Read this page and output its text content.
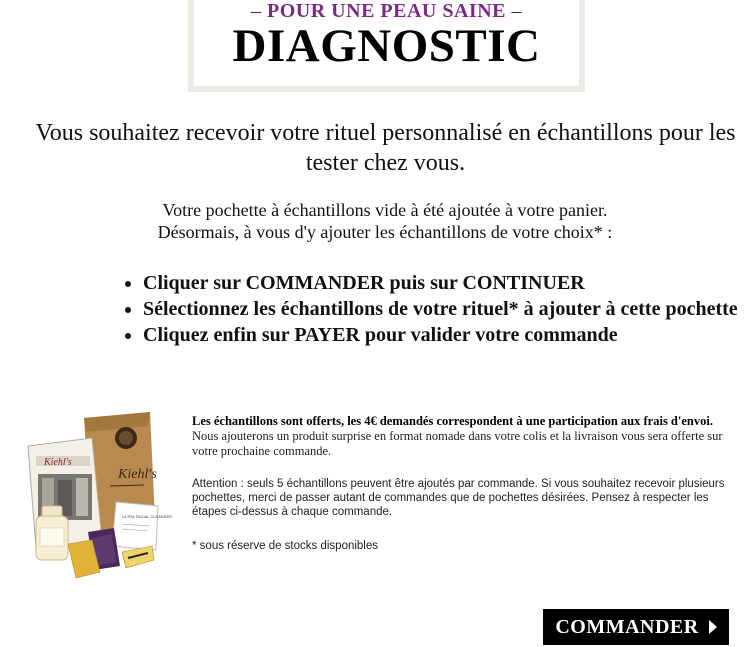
– POUR UNE PEAU SAINE –
DIAGNOSTIC
Vous souhaitez recevoir votre rituel personnalisé en échantillons pour les tester chez vous.
Votre pochette à échantillons vide à été ajoutée à votre panier.
Désormais, à vous d'y ajouter les échantillons de votre choix* :
• Cliquer sur COMMANDER puis sur CONTINUER
• Sélectionnez les échantillons de votre rituel* à ajouter à cette pochette
• Cliquez enfin sur PAYER pour valider votre commande
Kiehl's
Kiehl's
ULTRA FACIAL CLEANSER

Les échantillons sont offerts, les 4€ demandés correspondent à une participation aux frais d'envoi. Nous ajouterons un produit surprise en format nomade dans votre colis et la livraison vous sera offerte sur votre prochaine commande.

Attention : seuls 5 échantillons peuvent être ajoutés par commande. Si vous souhaitez recevoir plusieurs pochettes, merci de passer autant de commandes que de pochettes désirées. Pensez à respecter les étapes ci-dessus à chaque commande.

* sous réserve de stocks disponibles

COMMANDER
